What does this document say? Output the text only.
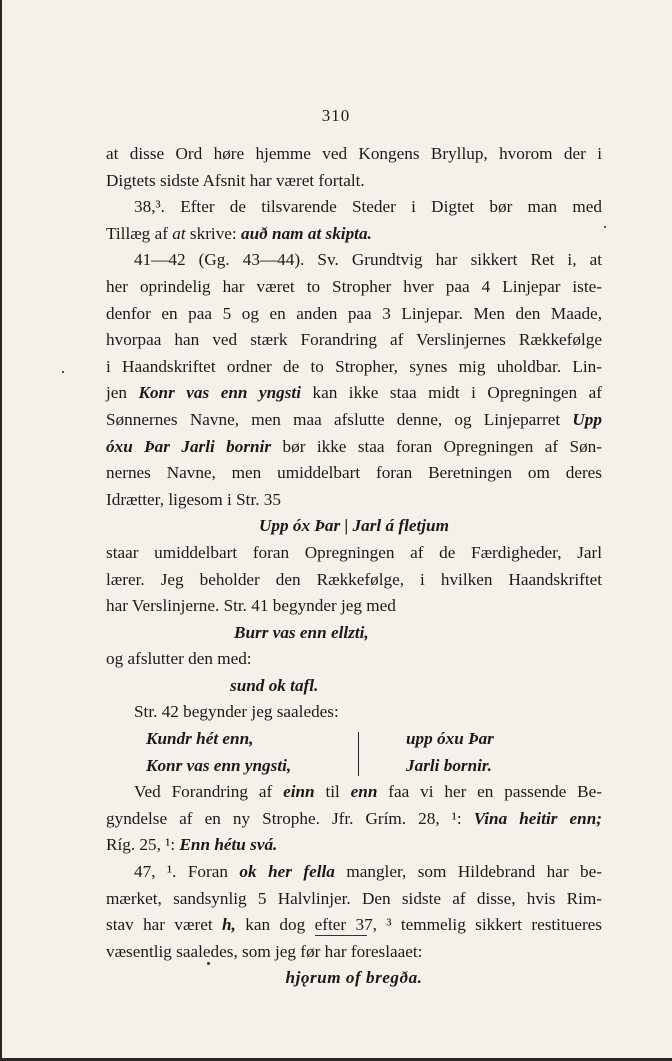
310
at disse Ord høre hjemme ved Kongens Bryllup, hvorom der i
Digtets sidste Afsnit har været fortalt.
38,³. Efter de tilsvarende Steder i Digtet bør man med
Tillæg af at skrive: auð nam at skipta.
41—42 (Gg. 43—44). Sv. Grundtvig har sikkert Ret i, at
her oprindelig har været to Stropher hver paa 4 Linjepar iste-
denfor en paa 5 og en anden paa 3 Linjepar. Men den Maade,
hvorpaa han ved stærk Forandring af Verslinjernes Rækkefølge
i Haandskriftet ordner de to Stropher, synes mig uholdbar. Lin-
jen Konr vas enn yngsti kan ikke staa midt i Opregningen af
Sønnernes Navne, men maa afslutte denne, og Linjeparret Upp
óxu Þar Jarli bornir bør ikke staa foran Opregningen af Søn-
nernes Navne, men umiddelbart foran Beretningen om deres
Idrætter, ligesom i Str. 35
Upp óx Þar | Jarl á fletjum
staar umiddelbart foran Opregningen af de Færdigheder, Jarl
lærer. Jeg beholder den Rækkefølge, i hvilken Haandskriftet
har Verslinjerne. Str. 41 begynder jeg med
Burr vas enn ellzti,
og afslutter den med:
sund ok tafl.
Str. 42 begynder jeg saaledes:
Kundr hét enn,
Konr vas enn yngsti,
upp óxu Þar
Jarli bornir.
Ved Forandring af einn til enn faa vi her en passende Be-
gyndelse af en ny Strophe. Jfr. Grím. 28, ¹: Vina heitir enn;
Ríg. 25, ¹: Enn hétu svá.
47, ¹. Foran ok her fella mangler, som Hildebrand har be-
mærket, sandsynlig 5 Halvlinjer. Den sidste af disse, hvis Rim-
stav har været h, kan dog efter 37, ³ temmelig sikkert restitueres
væsentlig saaledes, som jeg før har foreslaaet:
hjǫrum of bregða.
